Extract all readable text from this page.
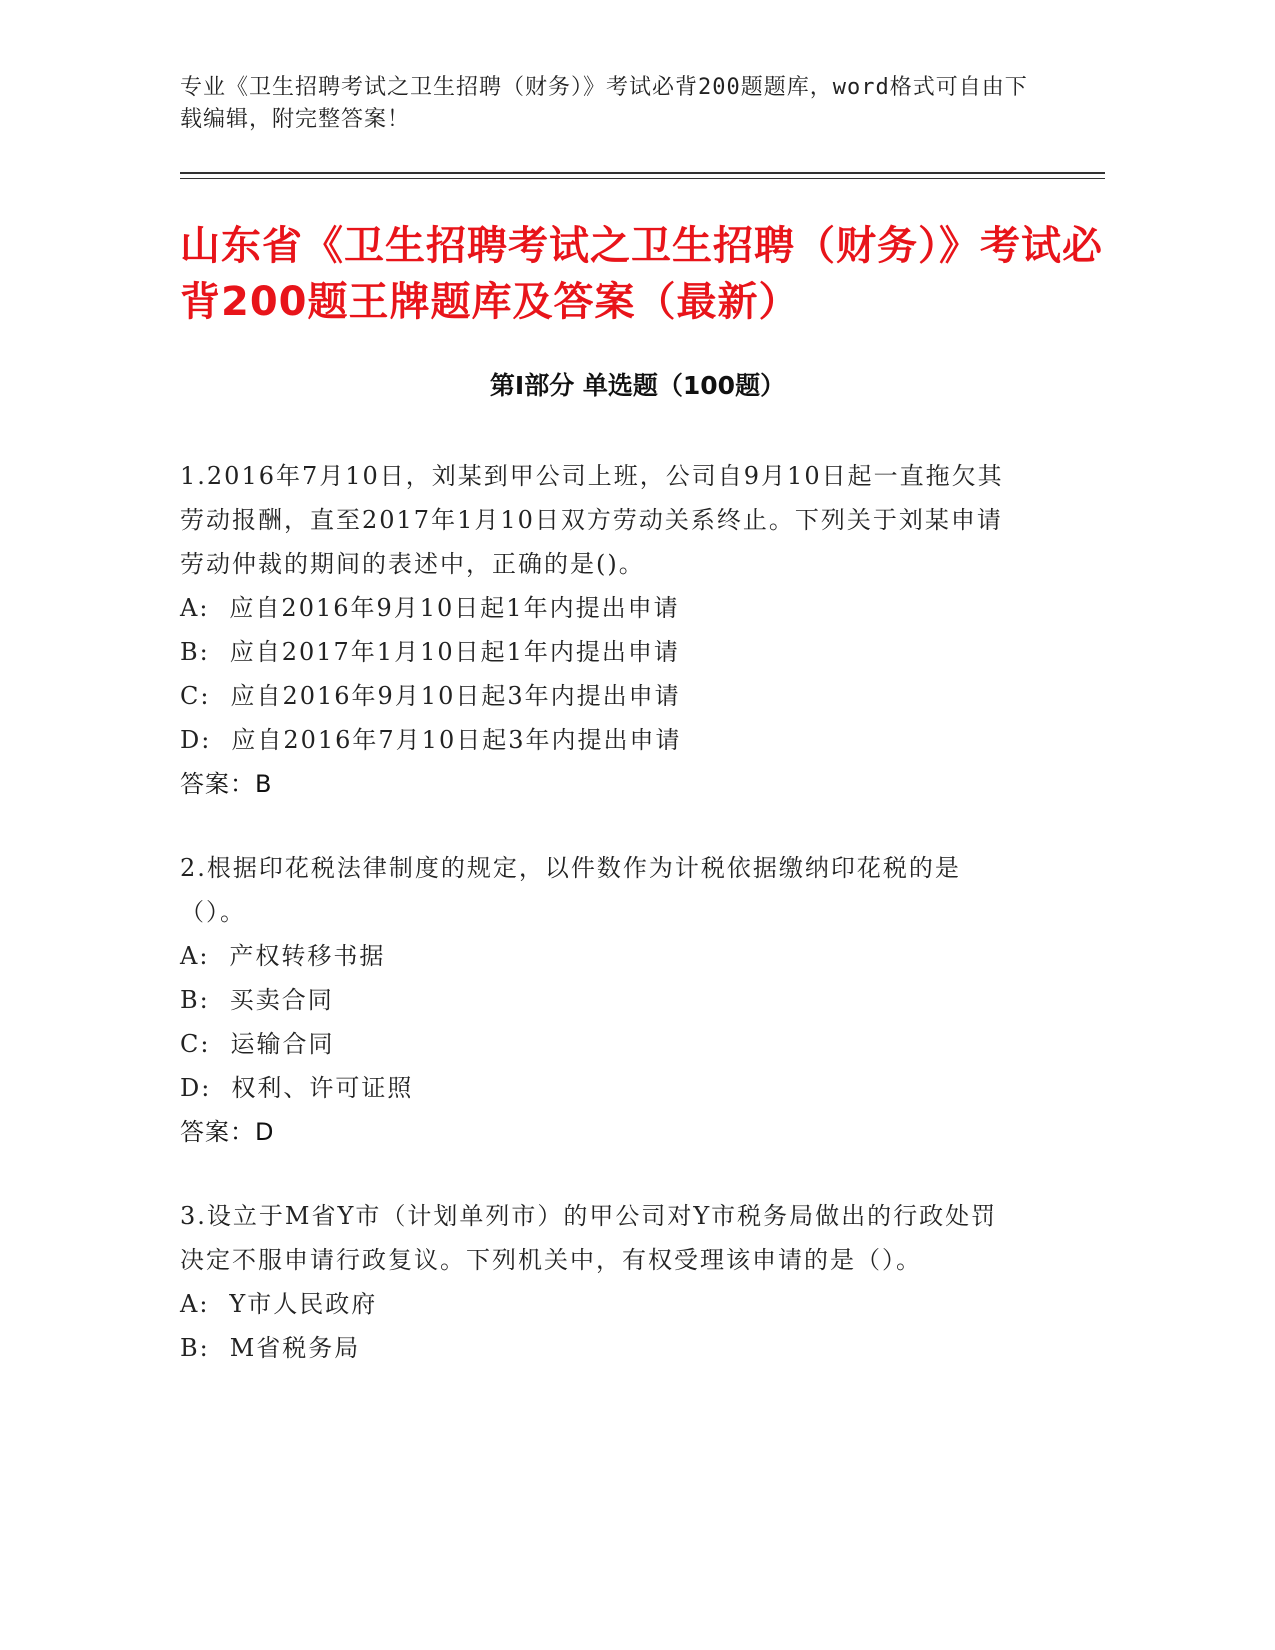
专业《卫生招聘考试之卫生招聘（财务）》考试必背200题题库，word格式可自由下载编辑，附完整答案！
山东省《卫生招聘考试之卫生招聘（财务）》考试必背200题王牌题库及答案（最新）
第I部分 单选题（100题）

1.2016年7月10日，刘某到甲公司上班，公司自9月10日起一直拖欠其劳动报酬，直至2017年1月10日双方劳动关系终止。下列关于刘某申请劳动仲裁的期间的表述中，正确的是()。

A: 应自2016年9月10日起1年内提出申请

B: 应自2017年1月10日起1年内提出申请

C: 应自2016年9月10日起3年内提出申请

D: 应自2016年7月10日起3年内提出申请

答案：B

2.根据印花税法律制度的规定，以件数作为计税依据缴纳印花税的是（）。

A: 产权转移书据

B: 买卖合同

C: 运输合同

D: 权利、许可证照

答案：D

3.设立于M省Y市（计划单列市）的甲公司对Y市税务局做出的行政处罚决定不服申请行政复议。下列机关中，有权受理该申请的是（）。

A: Y市人民政府

B: M省税务局
